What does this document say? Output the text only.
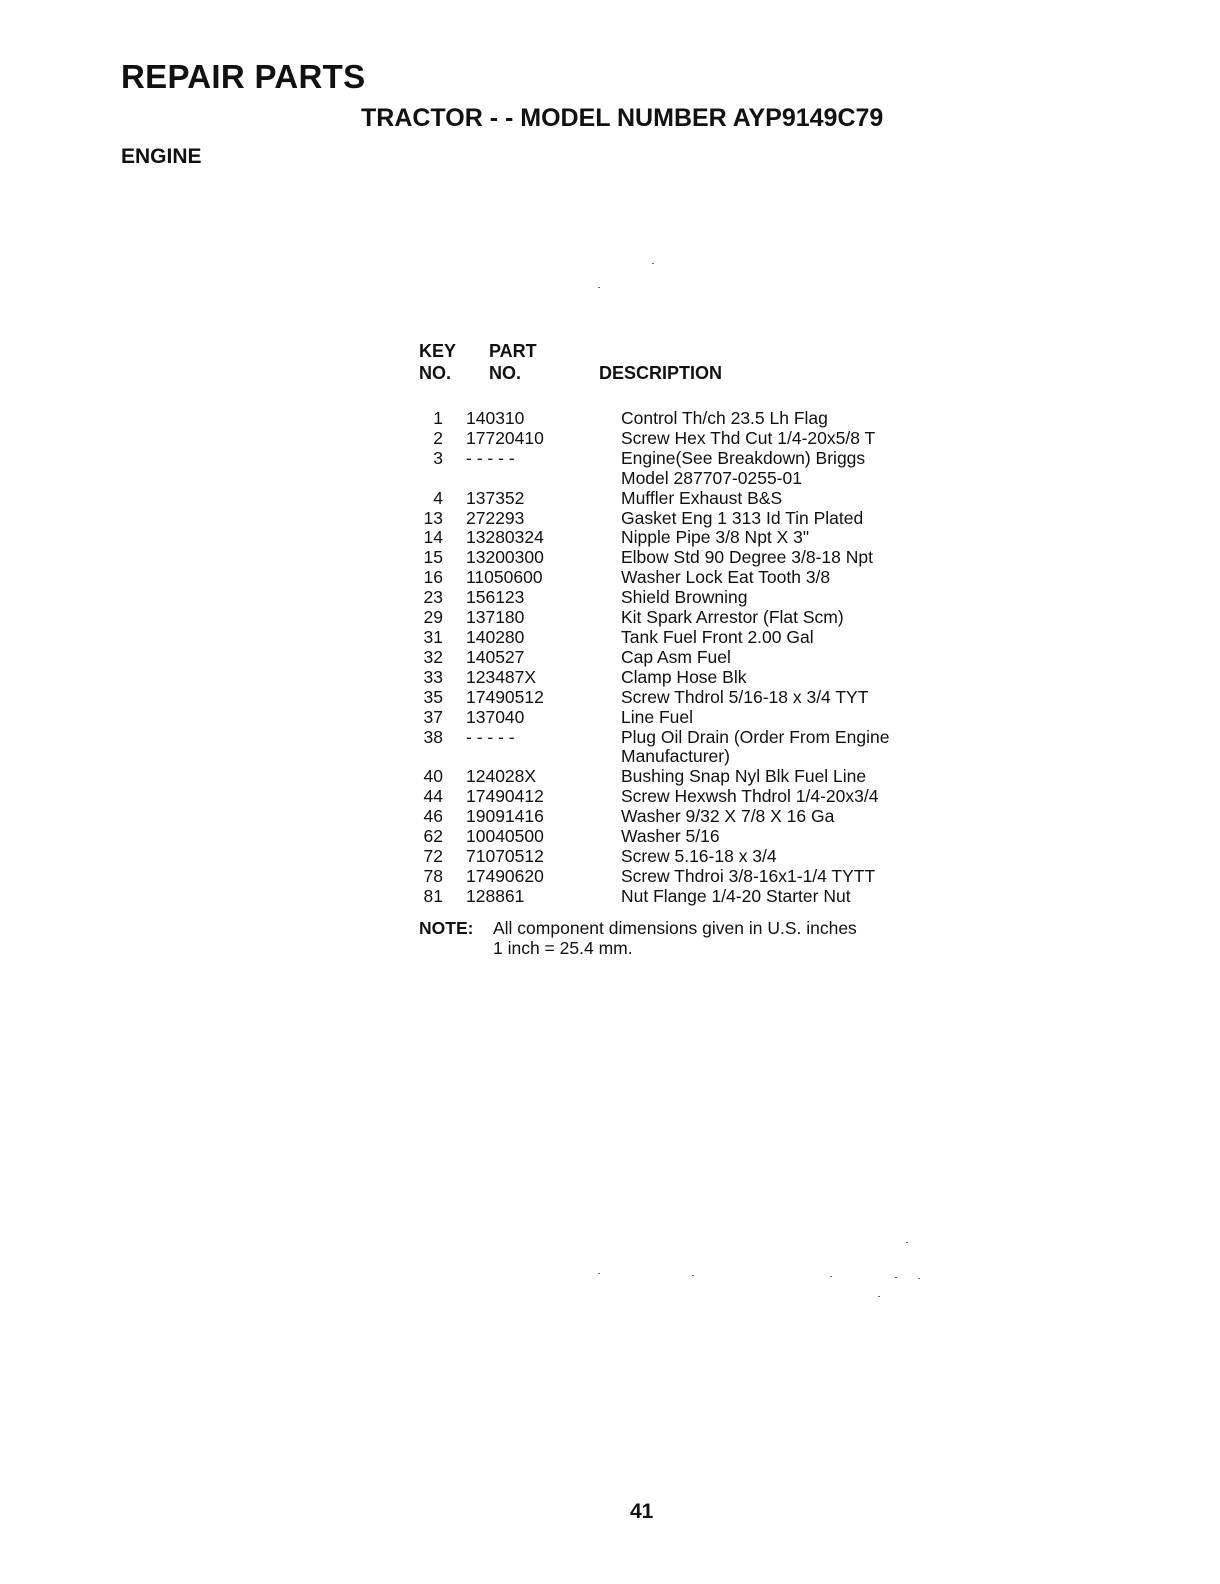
REPAIR PARTS
TRACTOR - - MODEL NUMBER AYP9149C79
ENGINE
KEY
NO.
PART
NO.	DESCRIPTION
1	140310	Control Th/ch 23.5 Lh Flag
2	17720410	Screw Hex Thd Cut 1/4-20x5/8 T
3	- - - - -	Engine(See Breakdown) Briggs
Model 287707-0255-01
4	137352	Muffler Exhaust B&S
13	272293	Gasket Eng 1 313 Id Tin Plated
14	13280324	Nipple Pipe 3/8 Npt X 3"
15	13200300	Elbow Std 90 Degree 3/8-18 Npt
16	11050600	Washer Lock Eat Tooth 3/8
23	156123	Shield Browning
29	137180	Kit Spark Arrestor (Flat Scm)
31	140280	Tank Fuel Front 2.00 Gal
32	140527	Cap Asm Fuel
33	123487X	Clamp Hose Blk
35	17490512	Screw Thdrol 5/16-18 x 3/4 TYT
37	137040	Line Fuel
38	- - - - -	Plug Oil Drain (Order From Engine
Manufacturer)
40	124028X	Bushing Snap Nyl Blk Fuel Line
44	17490412	Screw Hexwsh Thdrol 1/4-20x3/4
46	19091416	Washer 9/32 X 7/8 X 16 Ga
62	10040500	Washer 5/16
72	71070512	Screw 5.16-18 x 3/4
78	17490620	Screw Thdroi 3/8-16x1-1/4 TYTT
81	128861	Nut Flange 1/4-20 Starter Nut
NOTE: All component dimensions given in U.S. inches
1 inch = 25.4 mm.
41
